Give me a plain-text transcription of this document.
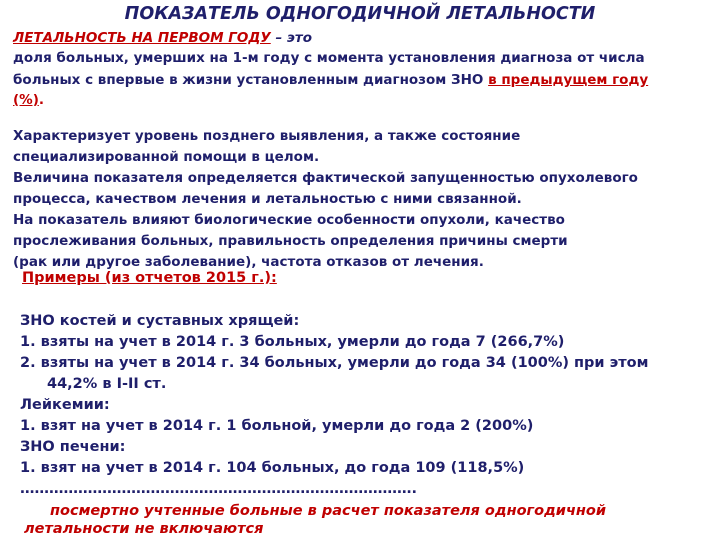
ПОКАЗАТЕЛЬ ОДНОГОДИЧНОЙ ЛЕТАЛЬНОСТИ
ЛЕТАЛЬНОСТЬ НА ПЕРВОМ ГОДУ – это
доля больных, умерших на 1-м году с момента установления диагноза от числа
больных с впервые в жизни установленным диагнозом ЗНО в предыдущем году
(%).
Характеризует уровень позднего выявления, а также состояние
специализированной помощи в целом.
Величина показателя определяется фактической запущенностью опухолевого
процесса, качеством лечения и летальностью с ними связанной.
На показатель влияют биологические особенности опухоли, качество
прослеживания больных, правильность определения причины смерти
(рак или другое заболевание), частота отказов от лечения.
Примеры (из отчетов 2015 г.):
ЗНО костей и суставных хрящей:
1. взяты на учет в 2014 г. 3 больных, умерли до года 7 (266,7%)
2. взяты на учет в 2014 г. 34 больных, умерли до года 34 (100%) при этом
44,2% в I-II ст.
Лейкемии:
1. взят на учет в 2014 г. 1 больной, умерли до года 2 (200%)
ЗНО печени:
1. взят на учет в 2014 г. 104 больных, до года 109 (118,5%)
……………………………………………………………………….
посмертно учтенные больные в расчет показателя одногодичной
летальности не включаются
